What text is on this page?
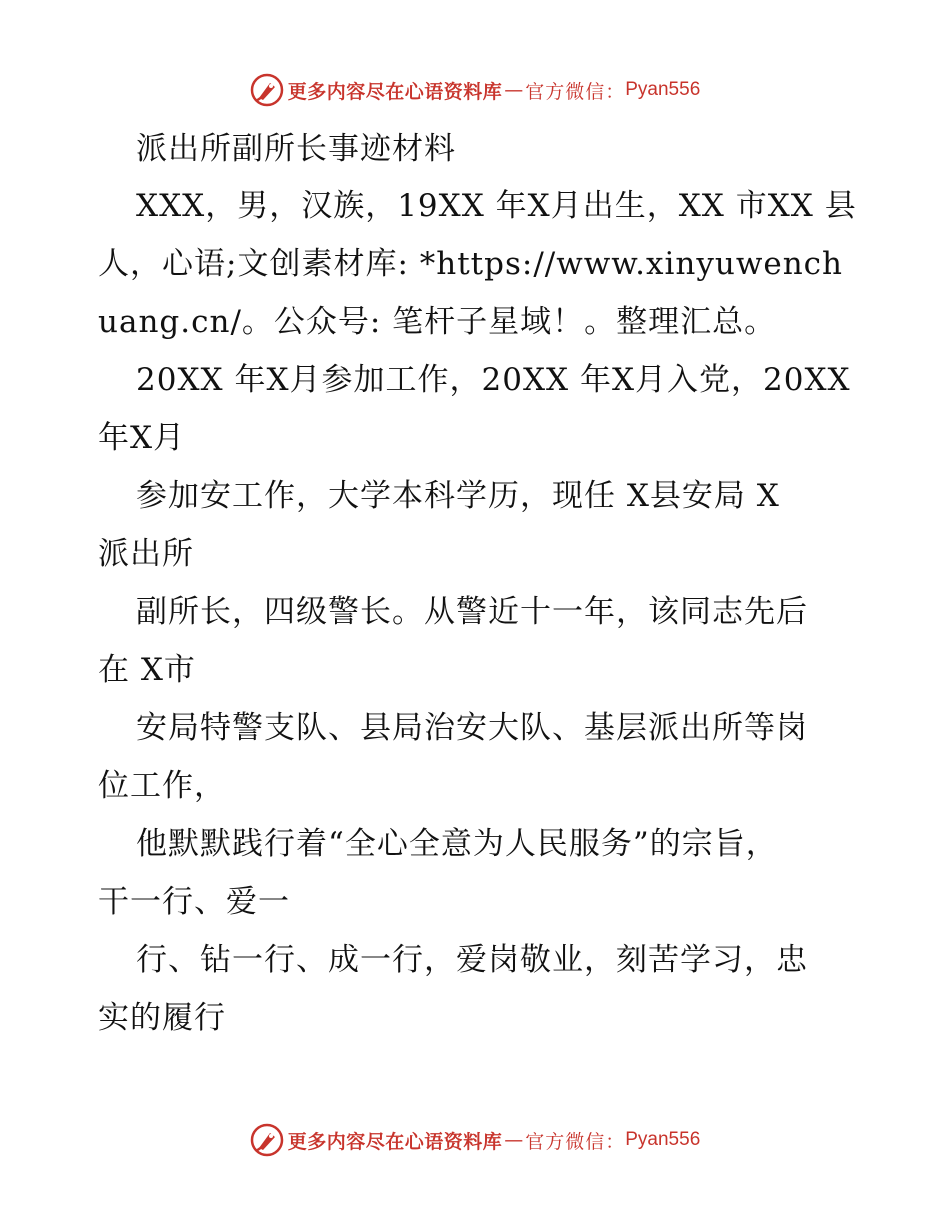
更多内容尽在心语资料库 — 官方微信： Pyan556
派出所副所长事迹材料
XXX，男，汉族，19XX 年X月出生，XX 市XX 县
人，心语;文创素材库: *https://www.xinyuwench
uang.cn/。公众号: 笔杆子星域！。整理汇总。
20XX 年X月参加工作，20XX 年X月入党，20XX
年X月
参加安工作，大学本科学历，现任 X县安局 X
派出所
副所长，四级警长。从警近十一年，该同志先后
在 X市
安局特警支队、县局治安大队、基层派出所等岗
位工作，
他默默践行着“全心全意为人民服务”的宗旨，
干一行、爱一
行、钻一行、成一行，爱岗敬业，刻苦学习，忠
实的履行
更多内容尽在心语资料库 — 官方微信： Pyan556
